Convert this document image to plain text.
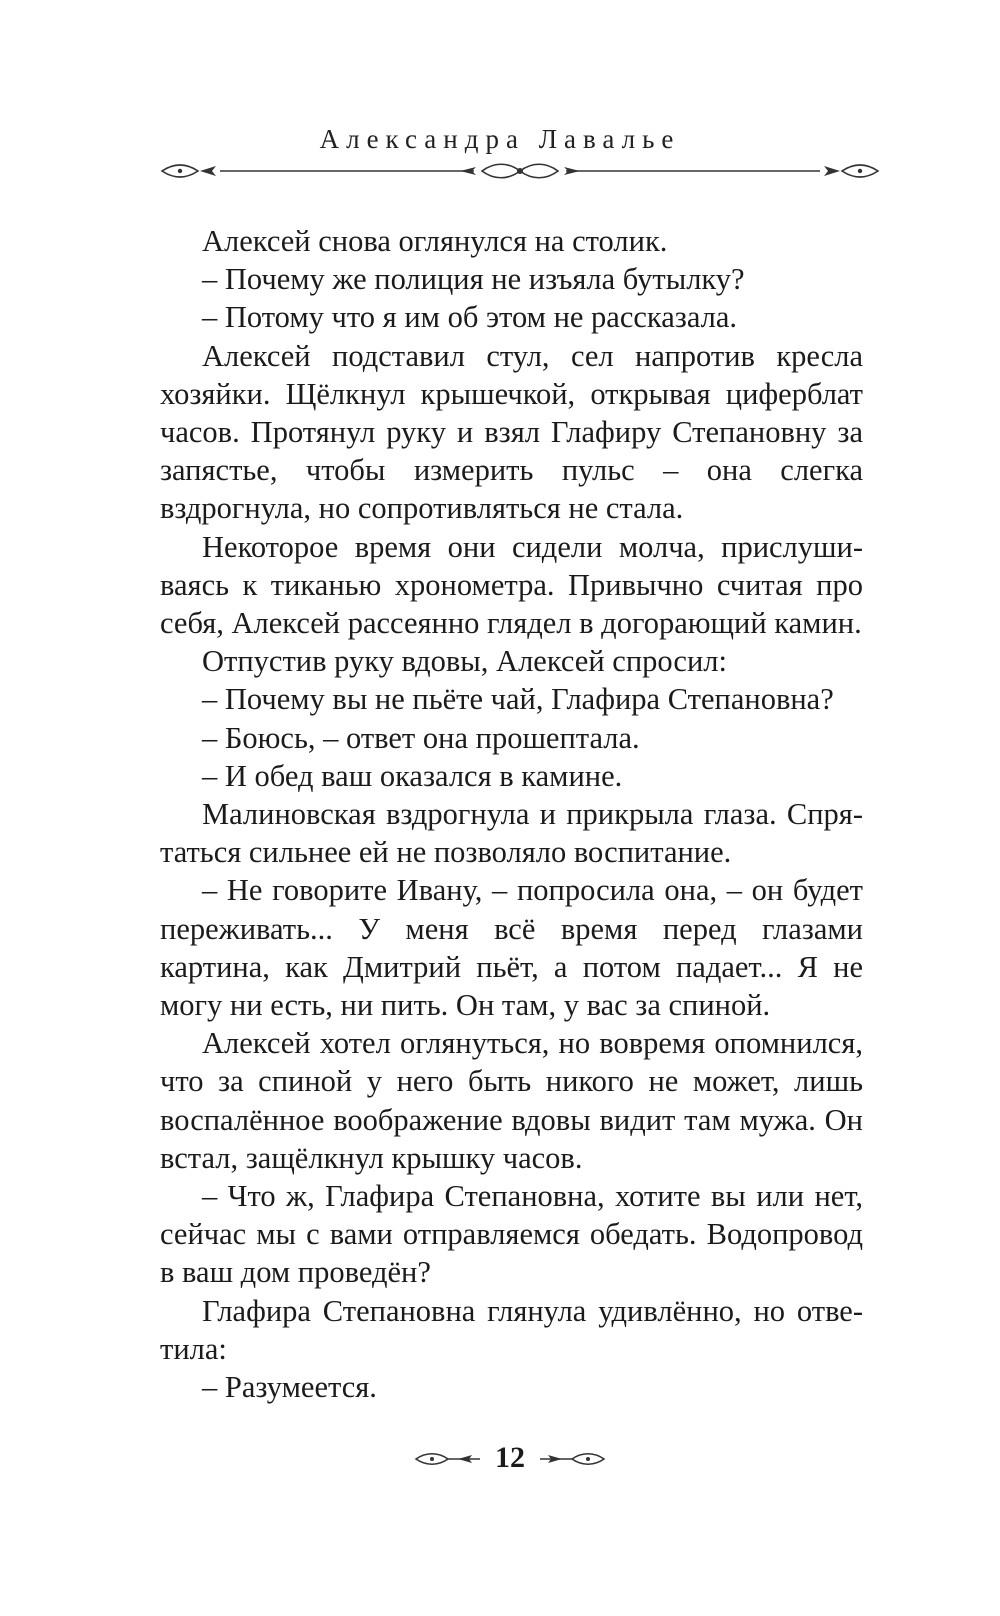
Александра Лавалье

Алексей снова оглянулся на столик.

– Почему же полиция не изъяла бутылку?

– Потому что я им об этом не рассказала.

Алексей подставил стул, сел напротив кресла хозяйки. Щёлкнул крышечкой, открывая циферблат часов. Протянул руку и взял Глафиру Степановну за запястье, чтобы измерить пульс – она слегка вздрогнула, но сопротивляться не стала.

Некоторое время они сидели молча, прислушиваясь к тиканью хронометра. Привычно считая про себя, Алексей рассеянно глядел в догорающий камин.

Отпустив руку вдовы, Алексей спросил:

– Почему вы не пьёте чай, Глафира Степановна?

– Боюсь, – ответ она прошептала.

– И обед ваш оказался в камине.

Малиновская вздрогнула и прикрыла глаза. Спрятаться сильнее ей не позволяло воспитание.

– Не говорите Ивану, – попросила она, – он будет переживать... У меня всё время перед глазами картина, как Дмитрий пьёт, а потом падает... Я не могу ни есть, ни пить. Он там, у вас за спиной.

Алексей хотел оглянуться, но вовремя опомнился, что за спиной у него быть никого не может, лишь воспалённое воображение вдовы видит там мужа. Он встал, защёлкнул крышку часов.

– Что ж, Глафира Степановна, хотите вы или нет, сейчас мы с вами отправляемся обедать. Водопровод в ваш дом проведён?

Глафира Степановна глянула удивлённо, но ответила:

– Разумеется.

12
